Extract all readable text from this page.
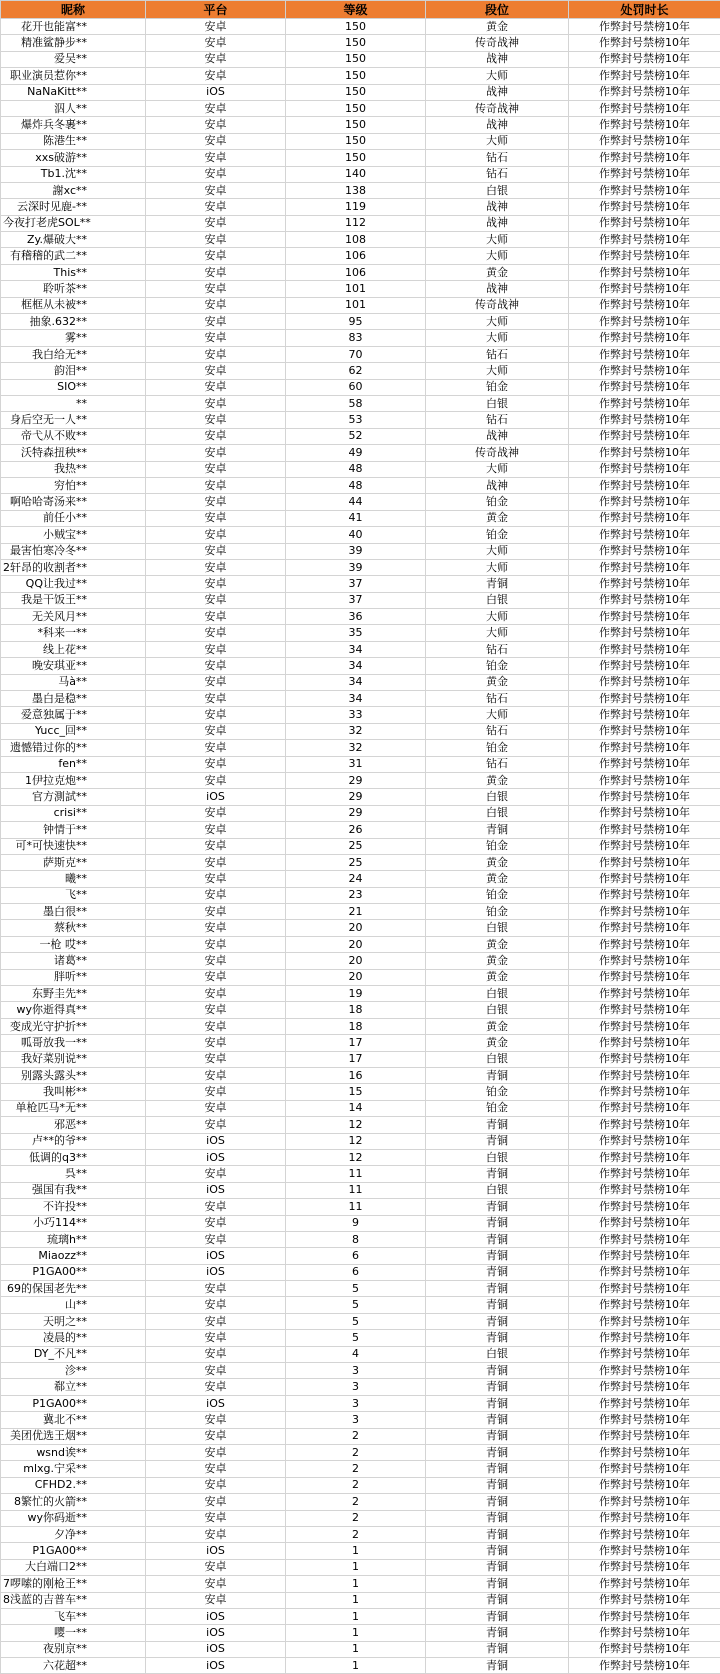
昵称	平台	等级	段位	处罚时长
花开也能富**	安卓	150	黄金	作弊封号禁榜10年
精准鲨静步**	安卓	150	传奇战神	作弊封号禁榜10年
爱吴**	安卓	150	战神	作弊封号禁榜10年
职业演员惹你**	安卓	150	大师	作弊封号禁榜10年
NaNaKitt**	iOS	150	战神	作弊封号禁榜10年
泅人**	安卓	150	传奇战神	作弊封号禁榜10年
爆炸兵冬裹**	安卓	150	战神	作弊封号禁榜10年
陈港生**	安卓	150	大师	作弊封号禁榜10年
xxs破游**	安卓	150	钻石	作弊封号禁榜10年
Tb1.沈**	安卓	140	钻石	作弊封号禁榜10年
謝xc**	安卓	138	白银	作弊封号禁榜10年
云深时见鹿-**	安卓	119	战神	作弊封号禁榜10年
今夜打老虎SOL**	安卓	112	战神	作弊封号禁榜10年
Zy.爆破大**	安卓	108	大师	作弊封号禁榜10年
有稽稽的武二**	安卓	106	大师	作弊封号禁榜10年
This**	安卓	106	黄金	作弊封号禁榜10年
聆听茶**	安卓	101	战神	作弊封号禁榜10年
框框从未被**	安卓	101	传奇战神	作弊封号禁榜10年
抽象.632**	安卓	95	大师	作弊封号禁榜10年
雾**	安卓	83	大师	作弊封号禁榜10年
我白给无**	安卓	70	钻石	作弊封号禁榜10年
韵泪**	安卓	62	大师	作弊封号禁榜10年
SIO**	安卓	60	铂金	作弊封号禁榜10年
**	安卓	58	白银	作弊封号禁榜10年
身后空无一人**	安卓	53	钻石	作弊封号禁榜10年
帝弋从不败**	安卓	52	战神	作弊封号禁榜10年
沃特森扭秧**	安卓	49	传奇战神	作弊封号禁榜10年
我热**	安卓	48	大师	作弊封号禁榜10年
穷怕**	安卓	48	战神	作弊封号禁榜10年
啊哈哈寄汤来**	安卓	44	铂金	作弊封号禁榜10年
前任小**	安卓	41	黄金	作弊封号禁榜10年
小贼宝**	安卓	40	铂金	作弊封号禁榜10年
最害怕寒冷冬**	安卓	39	大师	作弊封号禁榜10年
2轩昂的收割者**	安卓	39	大师	作弊封号禁榜10年
QQ让我过**	安卓	37	青铜	作弊封号禁榜10年
我是干饭王**	安卓	37	白银	作弊封号禁榜10年
无关风月**	安卓	36	大师	作弊封号禁榜10年
*科来一**	安卓	35	大师	作弊封号禁榜10年
线上花**	安卓	34	钻石	作弊封号禁榜10年
晚安琪亚**	安卓	34	铂金	作弊封号禁榜10年
马à**	安卓	34	黄金	作弊封号禁榜10年
墨白是稳**	安卓	34	钻石	作弊封号禁榜10年
爱意独属于**	安卓	33	大师	作弊封号禁榜10年
Yucc_回**	安卓	32	钻石	作弊封号禁榜10年
遗憾错过你的**	安卓	32	铂金	作弊封号禁榜10年
fen**	安卓	31	钻石	作弊封号禁榜10年
1伊拉克炮**	安卓	29	黄金	作弊封号禁榜10年
官方測試**	iOS	29	白银	作弊封号禁榜10年
crisi**	安卓	29	白银	作弊封号禁榜10年
钟情于**	安卓	26	青铜	作弊封号禁榜10年
可*可快速快**	安卓	25	铂金	作弊封号禁榜10年
萨斯克**	安卓	25	黄金	作弊封号禁榜10年
曦**	安卓	24	黄金	作弊封号禁榜10年
飞**	安卓	23	铂金	作弊封号禁榜10年
墨白很**	安卓	21	铂金	作弊封号禁榜10年
蔡秋**	安卓	20	白银	作弊封号禁榜10年
一枪 哎**	安卓	20	黄金	作弊封号禁榜10年
诸葛**	安卓	20	黄金	作弊封号禁榜10年
胖听**	安卓	20	黄金	作弊封号禁榜10年
东野圭先**	安卓	19	白银	作弊封号禁榜10年
wy你逝得真**	安卓	18	白银	作弊封号禁榜10年
变成光守护折**	安卓	18	黄金	作弊封号禁榜10年
呱哥放我一**	安卓	17	黄金	作弊封号禁榜10年
我好菜别说**	安卓	17	白银	作弊封号禁榜10年
别露头露头**	安卓	16	青铜	作弊封号禁榜10年
我叫彬**	安卓	15	铂金	作弊封号禁榜10年
单枪匹马*无**	安卓	14	铂金	作弊封号禁榜10年
邪恶**	安卓	12	青铜	作弊封号禁榜10年
卢**的爷**	iOS	12	青铜	作弊封号禁榜10年
低调的q3**	iOS	12	白银	作弊封号禁榜10年
呉**	安卓	11	青铜	作弊封号禁榜10年
强国有我**	iOS	11	白银	作弊封号禁榜10年
不许投**	安卓	11	青铜	作弊封号禁榜10年
小巧114**	安卓	9	青铜	作弊封号禁榜10年
琉璃h**	安卓	8	青铜	作弊封号禁榜10年
Miaozz**	iOS	6	青铜	作弊封号禁榜10年
P1GA00**	iOS	6	青铜	作弊封号禁榜10年
69的保国老先**	安卓	5	青铜	作弊封号禁榜10年
山**	安卓	5	青铜	作弊封号禁榜10年
天明之**	安卓	5	青铜	作弊封号禁榜10年
凌晨的**	安卓	5	青铜	作弊封号禁榜10年
DY_不凡**	安卓	4	白银	作弊封号禁榜10年
沴**	安卓	3	青铜	作弊封号禁榜10年
郗立**	安卓	3	青铜	作弊封号禁榜10年
P1GA00**	iOS	3	青铜	作弊封号禁榜10年
冀北不**	安卓	3	青铜	作弊封号禁榜10年
美团优选王烟**	安卓	2	青铜	作弊封号禁榜10年
wsnd诶**	安卓	2	青铜	作弊封号禁榜10年
mlxg.宁采**	安卓	2	青铜	作弊封号禁榜10年
CFHD2.**	安卓	2	青铜	作弊封号禁榜10年
8繁忙的火箭**	安卓	2	青铜	作弊封号禁榜10年
wy你码逝**	安卓	2	青铜	作弊封号禁榜10年
夕净**	安卓	2	青铜	作弊封号禁榜10年
P1GA00**	iOS	1	青铜	作弊封号禁榜10年
大白端口2**	安卓	1	青铜	作弊封号禁榜10年
7啰嗦的刚枪王**	安卓	1	青铜	作弊封号禁榜10年
8浅蓝的吉普车**	安卓	1	青铜	作弊封号禁榜10年
飞车**	iOS	1	青铜	作弊封号禁榜10年
嘤一**	iOS	1	青铜	作弊封号禁榜10年
夜别京**	iOS	1	青铜	作弊封号禁榜10年
六花超**	iOS	1	青铜	作弊封号禁榜10年
